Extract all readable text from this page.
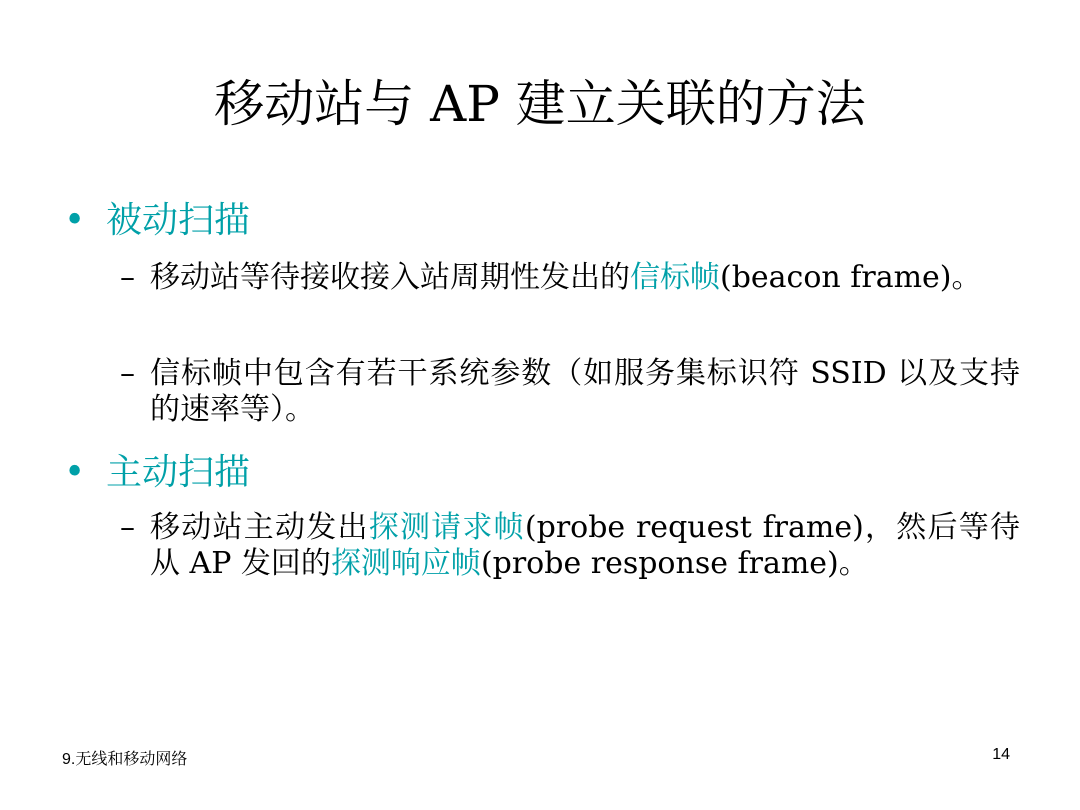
移动站与 AP 建立关联的方法
• 被动扫描
– 移动站等待接收接入站周期性发出的信标帧(beacon frame)。
– 信标帧中包含有若干系统参数（如服务集标识符 SSID 以及支持的速率等）。
• 主动扫描
– 移动站主动发出探测请求帧(probe request frame)，然后等待从 AP 发回的探测响应帧(probe response frame)。
9.无线和移动网络	14
